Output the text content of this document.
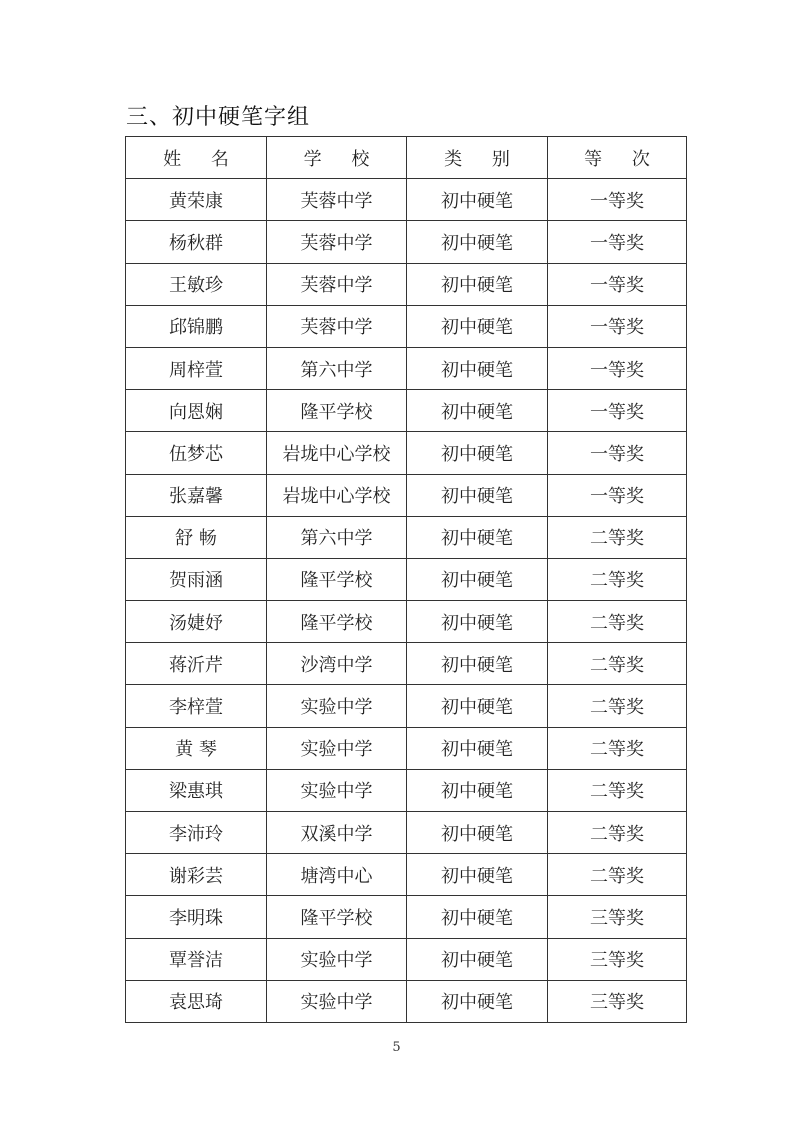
三、初中硬笔字组
姓 名	学 校	类 别	等 次
黄荣康	芙蓉中学	初中硬笔	一等奖
杨秋群	芙蓉中学	初中硬笔	一等奖
王敏珍	芙蓉中学	初中硬笔	一等奖
邱锦鹏	芙蓉中学	初中硬笔	一等奖
周梓萱	第六中学	初中硬笔	一等奖
向恩娴	隆平学校	初中硬笔	一等奖
伍梦芯	岩垅中心学校	初中硬笔	一等奖
张嘉馨	岩垅中心学校	初中硬笔	一等奖
舒 畅	第六中学	初中硬笔	二等奖
贺雨涵	隆平学校	初中硬笔	二等奖
汤婕妤	隆平学校	初中硬笔	二等奖
蒋沂芹	沙湾中学	初中硬笔	二等奖
李梓萱	实验中学	初中硬笔	二等奖
黄 琴	实验中学	初中硬笔	二等奖
梁惠琪	实验中学	初中硬笔	二等奖
李沛玲	双溪中学	初中硬笔	二等奖
谢彩芸	塘湾中心	初中硬笔	二等奖
李明珠	隆平学校	初中硬笔	三等奖
覃誉洁	实验中学	初中硬笔	三等奖
袁思琦	实验中学	初中硬笔	三等奖
5
